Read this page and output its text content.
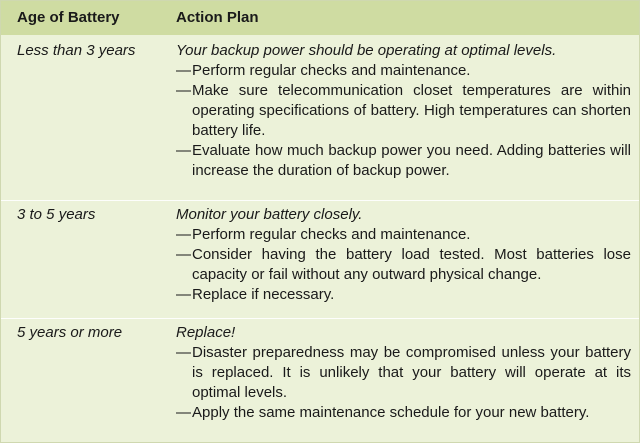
Age of Battery	Action Plan
Less than 3 years	Your backup power should be operating at optimal levels.
— Perform regular checks and maintenance.
— Make sure telecommunication closet temperatures are within operating specifications of battery. High temperatures can shorten battery life.
— Evaluate how much backup power you need. Adding batteries will increase the duration of backup power.
3 to 5 years	Monitor your battery closely.
— Perform regular checks and maintenance.
— Consider having the battery load tested. Most batteries lose capacity or fail without any outward physical change.
— Replace if necessary.
5 years or more	Replace!
— Disaster preparedness may be compromised unless your battery is replaced. It is unlikely that your battery will operate at its optimal levels.
— Apply the same maintenance schedule for your new battery.
